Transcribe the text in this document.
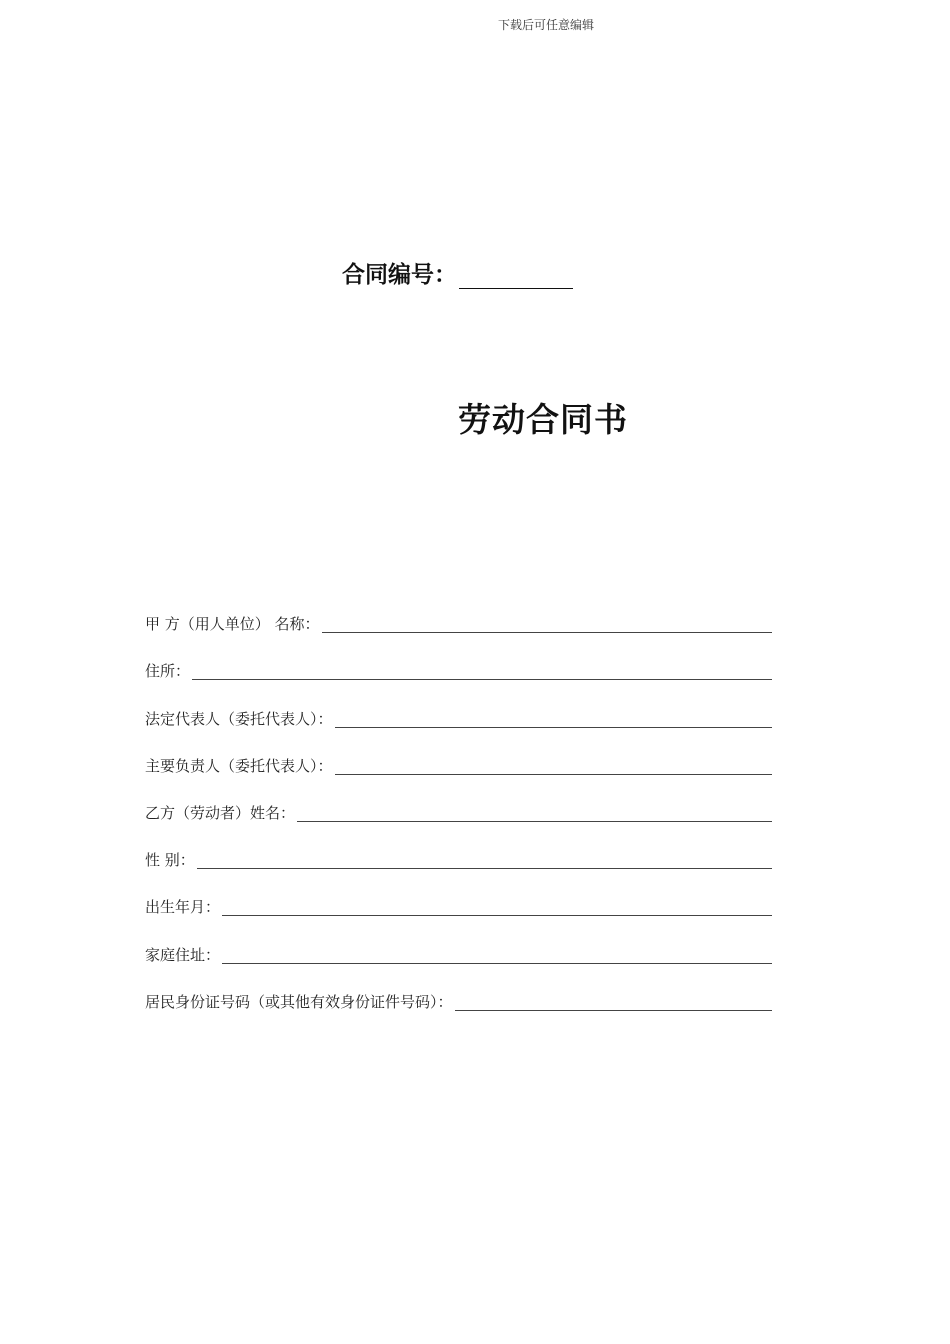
下载后可任意编辑
合同编号：
劳动合同书
甲 方（用人单位） 名称：
住所：
法定代表人（委托代表人）：
主要负责人（委托代表人）：
乙方（劳动者）姓名：
性 别：
出生年月：
家庭住址：
居民身份证号码（或其他有效身份证件号码）：
